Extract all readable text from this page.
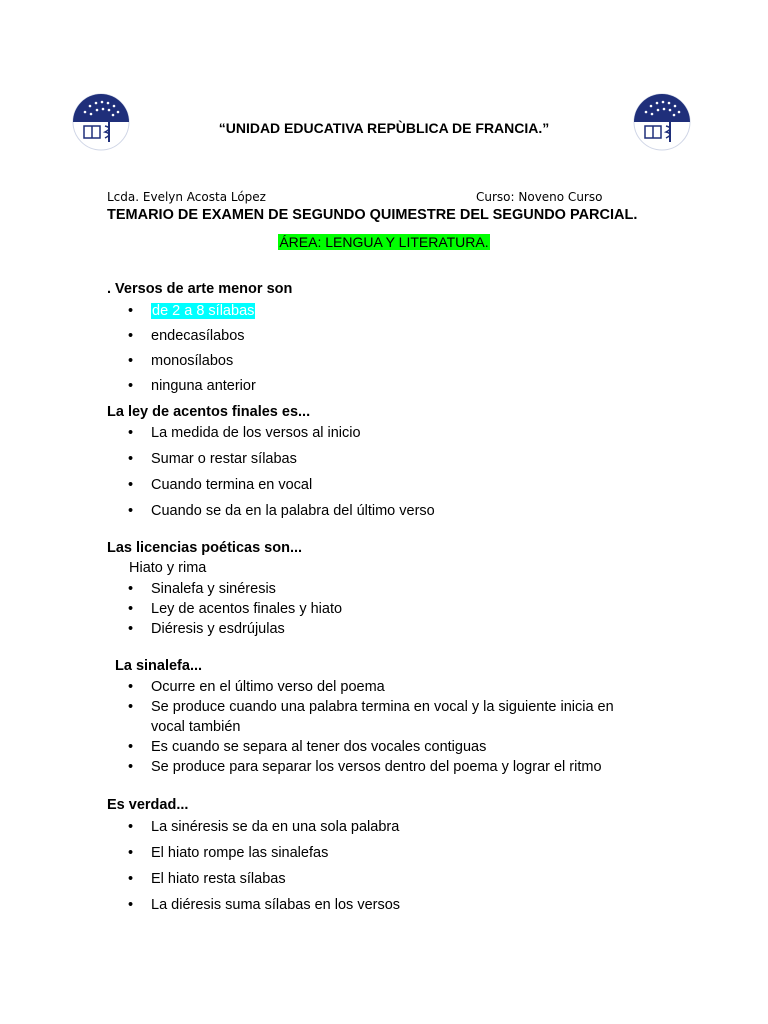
“UNIDAD EDUCATIVA REPÙBLICA DE FRANCIA.”
Lcda. Evelyn Acosta López	Curso: Noveno Curso
TEMARIO DE EXAMEN DE SEGUNDO QUIMESTRE DEL SEGUNDO PARCIAL.
ÁREA: LENGUA Y LITERATURA.
. Versos de arte menor son
• de 2 a 8 sílabas
• endecasílabos
• monosílabos
• ninguna anterior
La ley de acentos finales es...
• La medida de los versos al inicio
• Sumar o restar sílabas
• Cuando termina en vocal
• Cuando se da en la palabra del último verso
Las licencias poéticas son...
Hiato y rima
• Sinalefa y sinéresis
• Ley de acentos finales y hiato
• Diéresis y esdrújulas
La sinalefa...
• Ocurre en el último verso del poema
• Se produce cuando una palabra termina en vocal y la siguiente inicia en
vocal también
• Es cuando se separa al tener dos vocales contiguas
• Se produce para separar los versos dentro del poema y lograr el ritmo
Es verdad...
• La sinéresis se da en una sola palabra
• El hiato rompe las sinalefas
• El hiato resta sílabas
• La diéresis suma sílabas en los versos
